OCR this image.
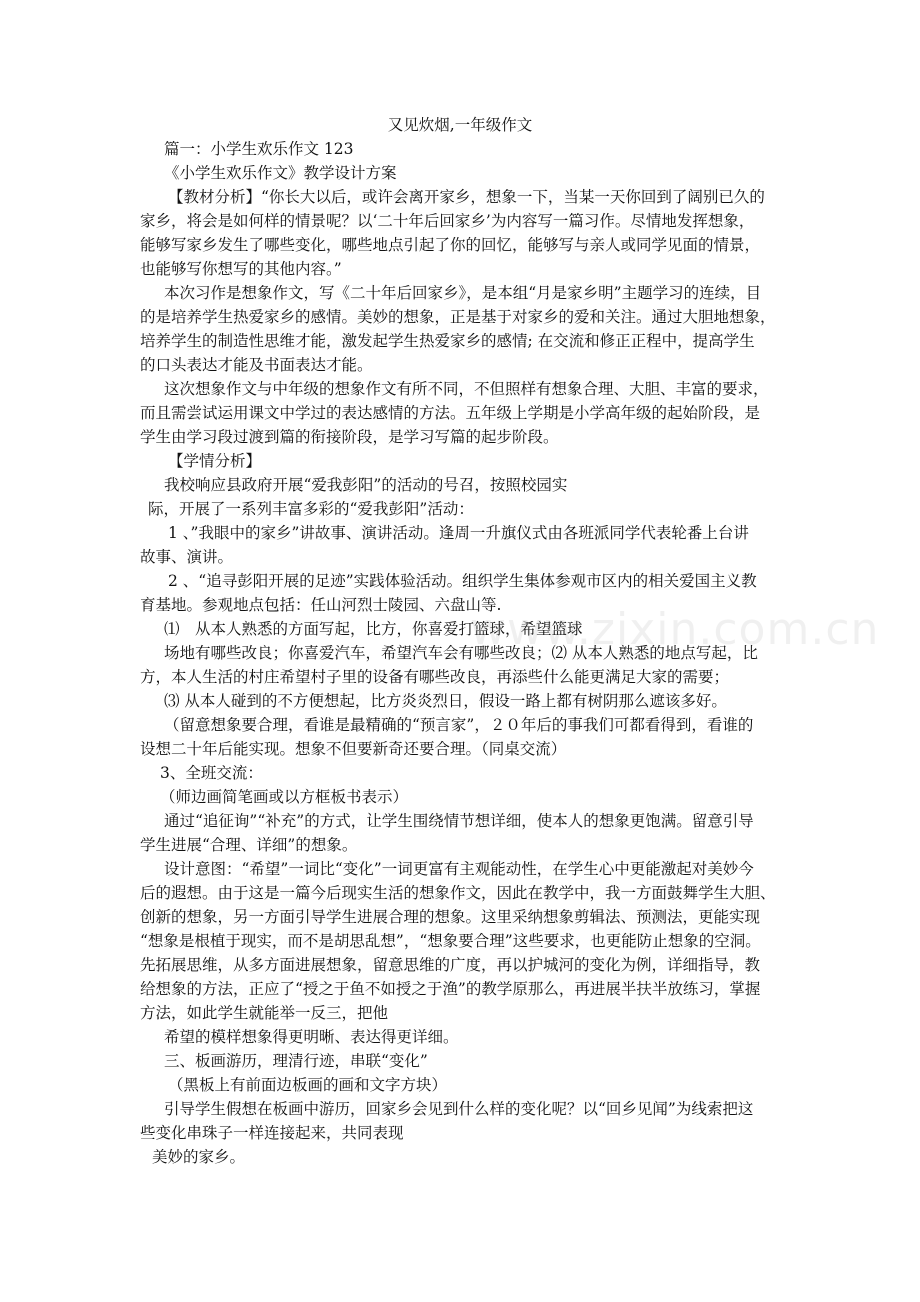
又见炊烟,一年级作文
篇一：小学生欢乐作文 123
《小学生欢乐作文》教学设计方案
【教材分析】“你长大以后，或许会离开家乡，想象一下，当某一天你回到了阔别已久的
家乡，将会是如何样的情景呢？以‘二十年后回家乡’为内容写一篇习作。尽情地发挥想象，
能够写家乡发生了哪些变化，哪些地点引起了你的回忆，能够写与亲人或同学见面的情景，
也能够写你想写的其他内容。”
本次习作是想象作文，写《二十年后回家乡》，是本组“月是家乡明”主题学习的连续，目
的是培养学生热爱家乡的感情。美妙的想象，正是基于对家乡的爱和关注。通过大胆地想象，
培养学生的制造性思维才能，激发起学生热爱家乡的感情; 在交流和修正正程中，提高学生
的口头表达才能及书面表达才能。
这次想象作文与中年级的想象作文有所不同，不但照样有想象合理、大胆、丰富的要求，
而且需尝试运用课文中学过的表达感情的方法。五年级上学期是小学高年级的起始阶段，是
学生由学习段过渡到篇的衔接阶段，是学习写篇的起步阶段。
【学情分析】
我校响应县政府开展“爱我彭阳”的活动的号召，按照校园实
际，开展了一系列丰富多彩的“爱我彭阳”活动：
1 、”我眼中的家乡”讲故事、演讲活动。逢周一升旗仪式由各班派同学代表轮番上台讲
故事、演讲。
2 、“追寻彭阳开展的足迹”实践体验活动。组织学生集体参观市区内的相关爱国主义教
育基地。参观地点包括：任山河烈士陵园、六盘山等.
⑴　从本人熟悉的方面写起，比方，你喜爱打篮球，希望篮球
场地有哪些改良；你喜爱汽车，希望汽车会有哪些改良；⑵ 从本人熟悉的地点写起，比
方，本人生活的村庄希望村子里的设备有哪些改良，再添些什么能更满足大家的需要；
⑶ 从本人碰到的不方便想起，比方炎炎烈日，假设一路上都有树阴那么遮该多好。
（留意想象要合理，看谁是最精确的“预言家”，２０年后的事我们可都看得到，看谁的
设想二十年后能实现。想象不但要新奇还要合理。（同桌交流）
3、全班交流：
（师边画简笔画或以方框板书表示）
通过“追征询”“补充”的方式，让学生围绕情节想详细，使本人的想象更饱满。留意引导
学生进展“合理、详细”的想象。
设计意图：“希望”一词比“变化”一词更富有主观能动性，在学生心中更能激起对美妙今
后的遐想。由于这是一篇今后现实生活的想象作文，因此在教学中，我一方面鼓舞学生大胆、
创新的想象，另一方面引导学生进展合理的想象。这里采纳想象剪辑法、预测法，更能实现
“想象是根植于现实，而不是胡思乱想”，“想象要合理”这些要求，也更能防止想象的空洞。
先拓展思维，从多方面进展想象，留意思维的广度，再以护城河的变化为例，详细指导，教
给想象的方法，正应了“授之于鱼不如授之于渔”的教学原那么，再进展半扶半放练习，掌握
方法，如此学生就能举一反三，把他
希望的模样想象得更明晰、表达得更详细。
三、板画游历，理清行迹，串联“变化”
（黑板上有前面边板画的画和文字方块）
引导学生假想在板画中游历，回家乡会见到什么样的变化呢？以“回乡见闻”为线索把这
些变化串珠子一样连接起来，共同表现
美妙的家乡。
www.zixin.com.cn
